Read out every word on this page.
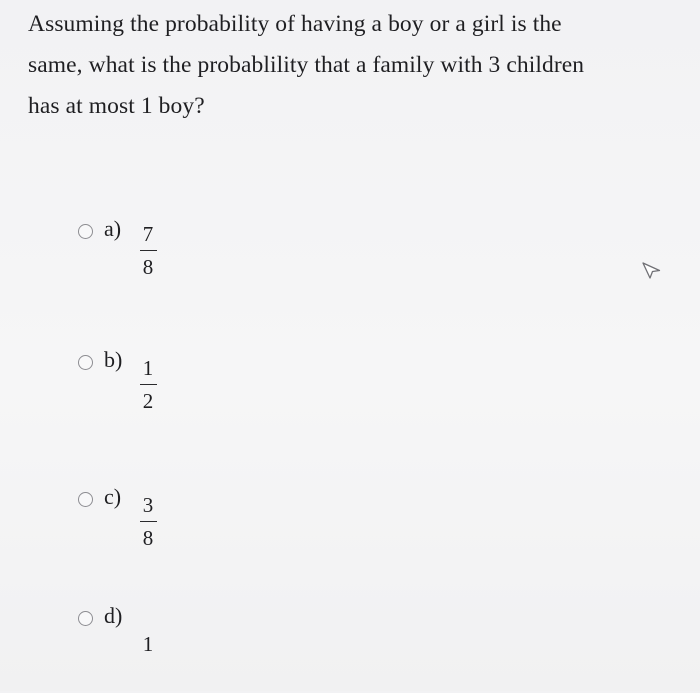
Assuming the probability of having a boy or a girl is the
same, what is the probablility that a family with 3 children
has at most 1 boy?
a)	7
8
b) 1
2
c)	3
8
d)
1
